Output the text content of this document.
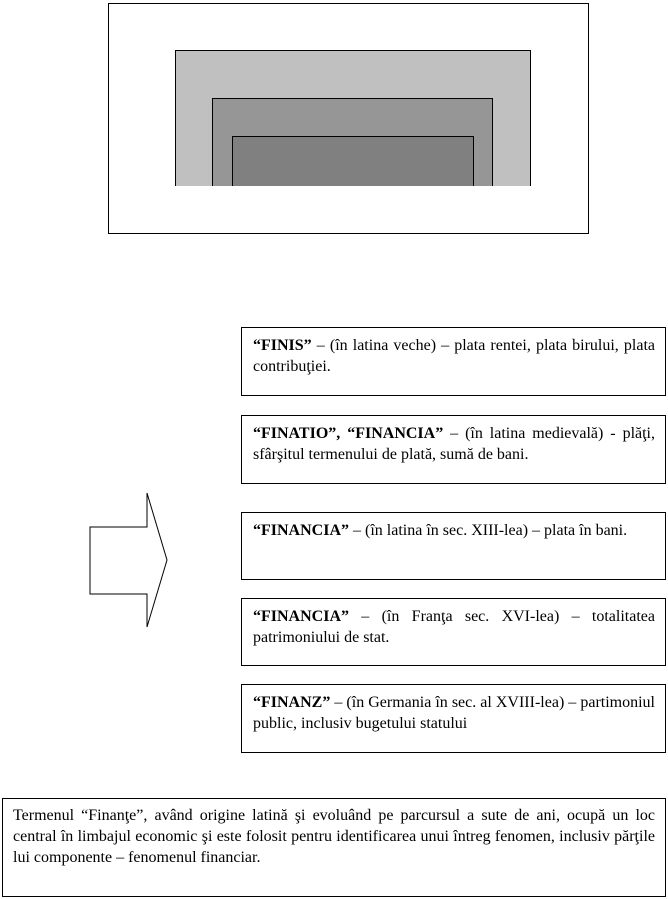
“FINIS” – (în latina veche) – plata rentei, plata birului, plata contribuţiei.
“FINATIO”, “FINANCIA” – (în latina medievală) - plăţi, sfârşitul termenului de plată, sumă de bani.
“FINANCIA” – (în latina în sec. XIII-lea) – plata în bani.
“FINANCIA” – (în Franţa sec. XVI-lea) – totalitatea patrimoniului de stat.
“FINANZ” – (în Germania în sec. al XVIII-lea) – partimoniul public, inclusiv bugetului statului
Termenul “Finanţe”, având origine latină şi evoluând pe parcursul a sute de ani, ocupă un loc central în limbajul economic şi este folosit pentru identificarea unui întreg fenomen, inclusiv părţile lui componente – fenomenul financiar.
